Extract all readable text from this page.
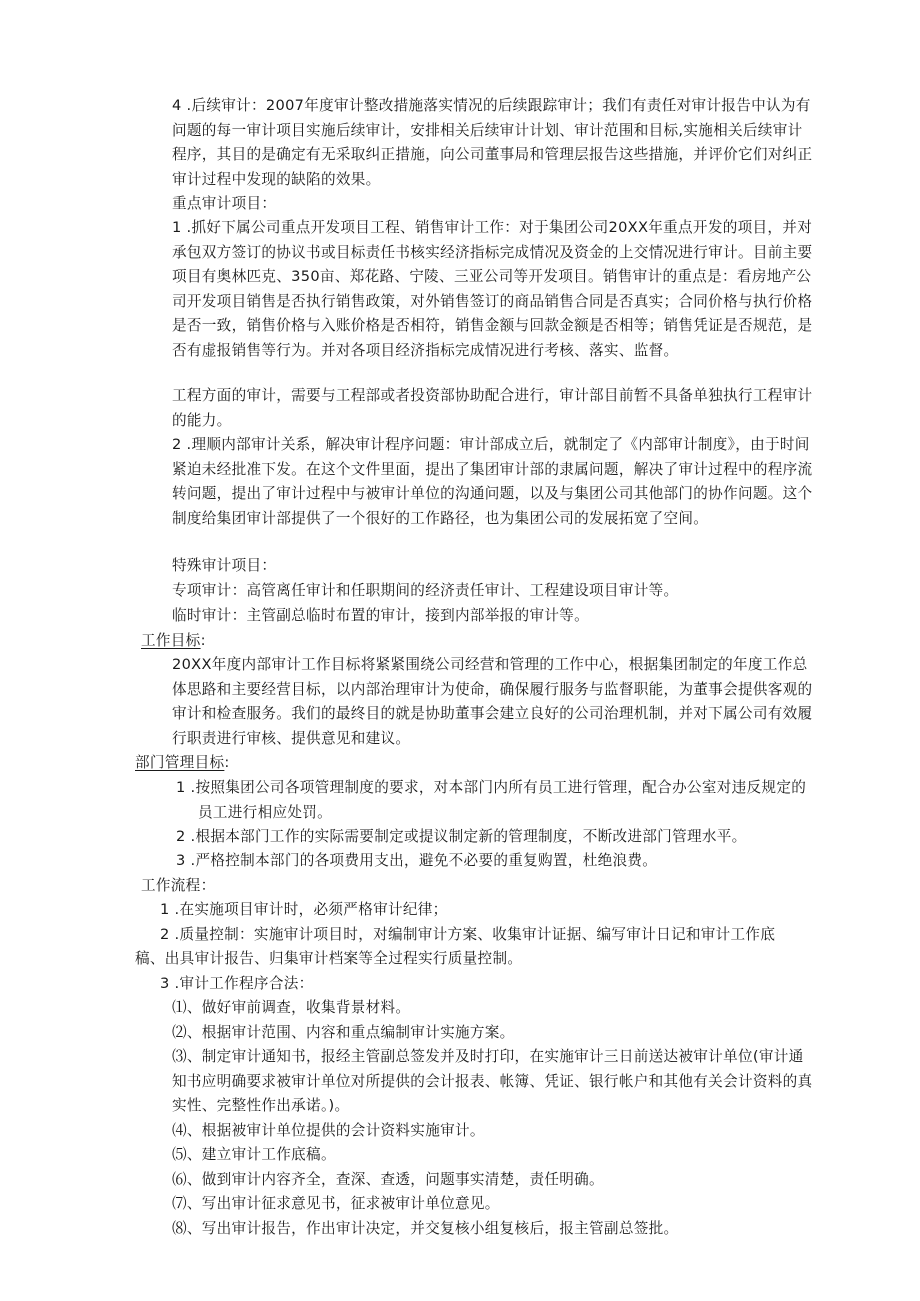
4 .后续审计：2007年度审计整改措施落实情况的后续跟踪审计；我们有责任对审计报告中认为有问题的每一审计项目实施后续审计，安排相关后续审计计划、审计范围和目标,实施相关后续审计程序，其目的是确定有无采取纠正措施，向公司董事局和管理层报告这些措施，并评价它们对纠正审计过程中发现的缺陷的效果。
重点审计项目：
1 .抓好下属公司重点开发项目工程、销售审计工作：对于集团公司20XX年重点开发的项目，并对承包双方签订的协议书或目标责任书核实经济指标完成情况及资金的上交情况进行审计。目前主要项目有奥林匹克、350亩、郑花路、宁陵、三亚公司等开发项目。销售审计的重点是：看房地产公司开发项目销售是否执行销售政策，对外销售签订的商品销售合同是否真实；合同价格与执行价格是否一致，销售价格与入账价格是否相符，销售金额与回款金额是否相等；销售凭证是否规范，是否有虚报销售等行为。并对各项目经济指标完成情况进行考核、落实、监督。
工程方面的审计，需要与工程部或者投资部协助配合进行，审计部目前暂不具备单独执行工程审计的能力。
2 .理顺内部审计关系，解决审计程序问题：审计部成立后，就制定了《内部审计制度》，由于时间紧迫未经批准下发。在这个文件里面，提出了集团审计部的隶属问题，解决了审计过程中的程序流转问题，提出了审计过程中与被审计单位的沟通问题，以及与集团公司其他部门的协作问题。这个制度给集团审计部提供了一个很好的工作路径，也为集团公司的发展拓宽了空间。
特殊审计项目：
专项审计：高管离任审计和任职期间的经济责任审计、工程建设项目审计等。
临时审计：主管副总临时布置的审计，接到内部举报的审计等。
工作目标:
20XX年度内部审计工作目标将紧紧围绕公司经营和管理的工作中心，根据集团制定的年度工作总体思路和主要经营目标，以内部治理审计为使命，确保履行服务与监督职能，为董事会提供客观的审计和检查服务。我们的最终目的就是协助董事会建立良好的公司治理机制，并对下属公司有效履行职责进行审核、提供意见和建议。
部门管理目标:
1 .按照集团公司各项管理制度的要求，对本部门内所有员工进行管理，配合办公室对违反规定的员工进行相应处罚。
2 .根据本部门工作的实际需要制定或提议制定新的管理制度，不断改进部门管理水平。
3 .严格控制本部门的各项费用支出，避免不必要的重复购置，杜绝浪费。
工作流程：
1 .在实施项目审计时，必须严格审计纪律；
2 .质量控制：实施审计项目时，对编制审计方案、收集审计证据、编写审计日记和审计工作底
稿、出具审计报告、归集审计档案等全过程实行质量控制。
3 .审计工作程序合法：
⑴、做好审前调查，收集背景材料。
⑵、根据审计范围、内容和重点编制审计实施方案。
⑶、制定审计通知书，报经主管副总签发并及时打印，在实施审计三日前送达被审计单位(审计通知书应明确要求被审计单位对所提供的会计报表、帐簿、凭证、银行帐户和其他有关会计资料的真实性、完整性作出承诺。)。
⑷、根据被审计单位提供的会计资料实施审计。
⑸、建立审计工作底稿。
⑹、做到审计内容齐全，查深、查透，问题事实清楚，责任明确。
⑺、写出审计征求意见书，征求被审计单位意见。
⑻、写出审计报告，作出审计决定，并交复核小组复核后，报主管副总签批。
